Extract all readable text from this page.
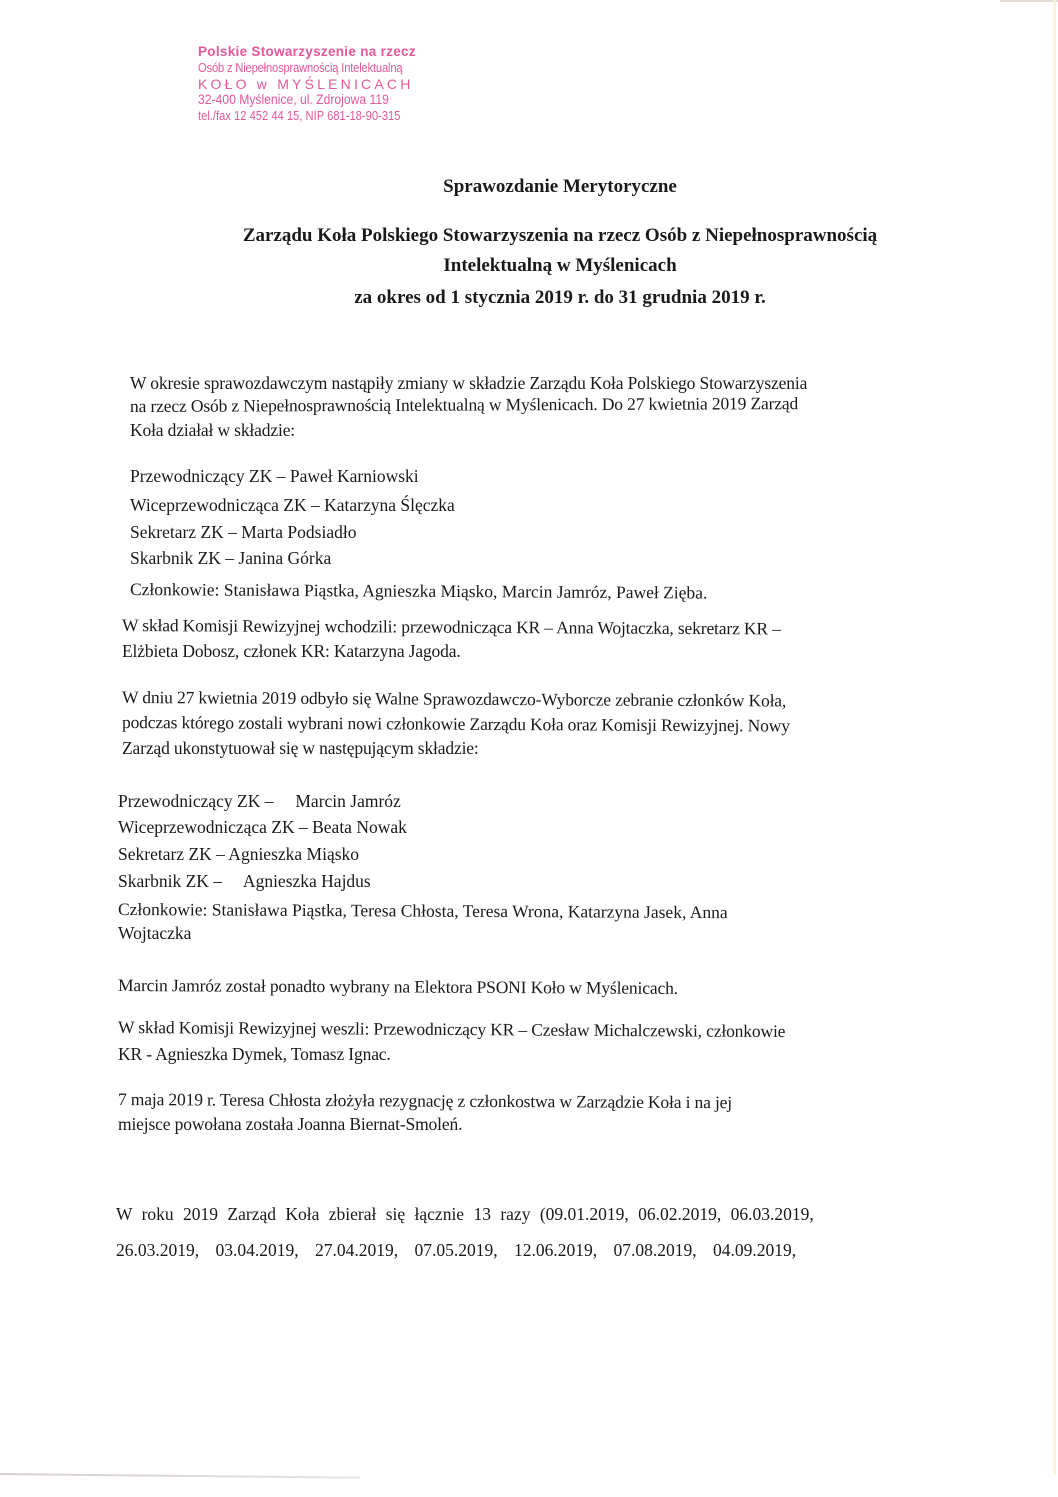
Polskie Stowarzyszenie na rzecz
Osób z Niepełnosprawnością Intelektualną
KOŁO w MYŚLENICACH
32-400 Myślenice, ul. Zdrojowa 119
tel./fax 12 452 44 15, NIP 681-18-90-315
Sprawozdanie Merytoryczne
Zarządu Koła Polskiego Stowarzyszenia na rzecz Osób z Niepełnosprawnością
Intelektualną w Myślenicach
za okres od 1 stycznia 2019 r. do 31 grudnia 2019 r.
W okresie sprawozdawczym nastąpiły zmiany w składzie Zarządu Koła Polskiego Stowarzyszenia
na rzecz Osób z Niepełnosprawnością Intelektualną w Myślenicach. Do 27 kwietnia 2019 Zarząd
Koła działał w składzie:
Przewodniczący ZK – Paweł Karniowski
Wiceprzewodnicząca ZK – Katarzyna Ślęczka
Sekretarz ZK – Marta Podsiadło
Skarbnik ZK – Janina Górka
Członkowie: Stanisława Piąstka, Agnieszka Miąsko, Marcin Jamróz, Paweł Zięba.
W skład Komisji Rewizyjnej wchodzili: przewodnicząca KR – Anna Wojtaczka, sekretarz KR –
Elżbieta Dobosz, członek KR: Katarzyna Jagoda.
W dniu 27 kwietnia 2019 odbyło się Walne Sprawozdawczo-Wyborcze zebranie członków Koła,
podczas którego zostali wybrani nowi członkowie Zarządu Koła oraz Komisji Rewizyjnej. Nowy
Zarząd ukonstytuował się w następującym składzie:
Przewodniczący ZK –     Marcin Jamróz
Wiceprzewodnicząca ZK – Beata Nowak
Sekretarz ZK – Agnieszka Miąsko
Skarbnik ZK –     Agnieszka Hajdus
Członkowie: Stanisława Piąstka, Teresa Chłosta, Teresa Wrona, Katarzyna Jasek, Anna
Wojtaczka
Marcin Jamróz został ponadto wybrany na Elektora PSONI Koło w Myślenicach.
W skład Komisji Rewizyjnej weszli: Przewodniczący KR – Czesław Michalczewski, członkowie
KR - Agnieszka Dymek, Tomasz Ignac.
7 maja 2019 r. Teresa Chłosta złożyła rezygnację z członkostwa w Zarządzie Koła i na jej
miejsce powołana została Joanna Biernat-Smoleń.
W roku 2019 Zarząd Koła zbierał się łącznie 13 razy (09.01.2019, 06.02.2019, 06.03.2019,
26.03.2019, 03.04.2019, 27.04.2019, 07.05.2019, 12.06.2019, 07.08.2019, 04.09.2019,
